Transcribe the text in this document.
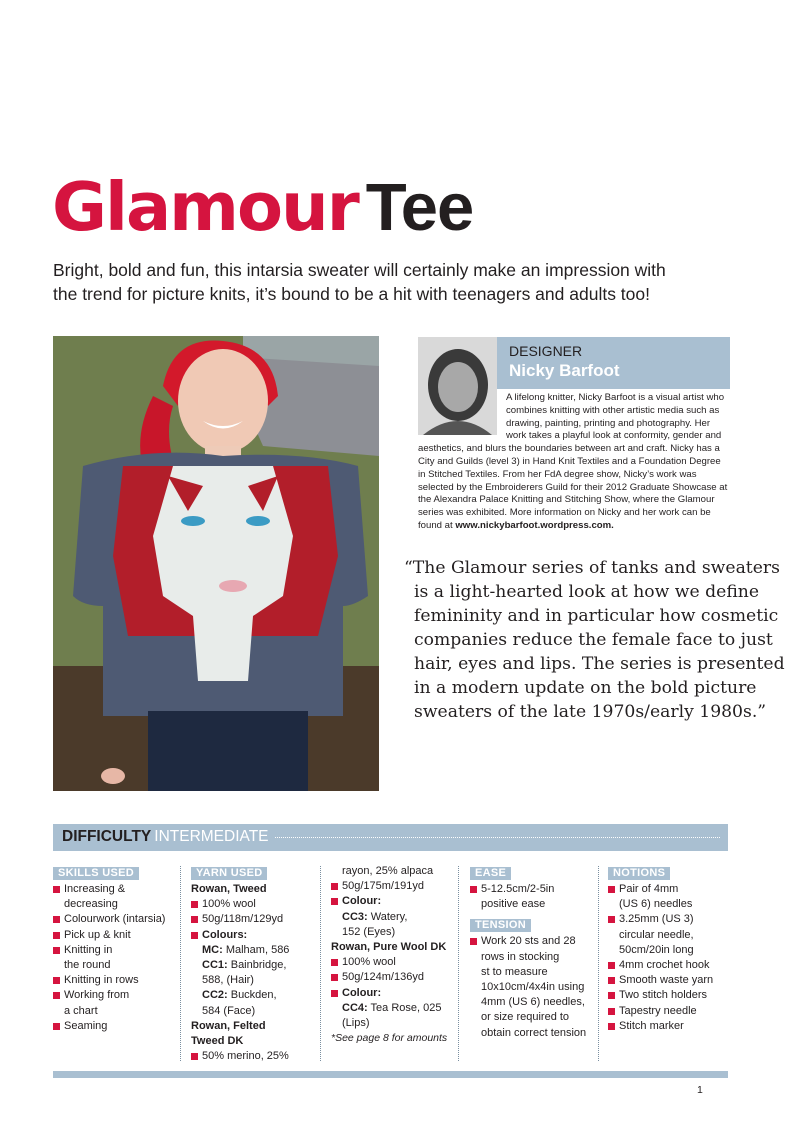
Glamour Tee

Bright, bold and fun, this intarsia sweater will certainly make an impression with the trend for picture knits, it’s bound to be a hit with teenagers and adults too!

DESIGNER
Nicky Barfoot
A lifelong knitter, Nicky Barfoot is a visual artist who combines knitting with other artistic media such as drawing, painting, printing and photography. Her work takes a playful look at conformity, gender and aesthetics, and blurs the boundaries between art and craft. Nicky has a City and Guilds (level 3) in Hand Knit Textiles and a Foundation Degree in Stitched Textiles. From her FdA degree show, Nicky’s work was selected by the Embroiderers Guild for their 2012 Graduate Showcase at the Alexandra Palace Knitting and Stitching Show, where the Glamour series was exhibited. More information on Nicky and her work can be found at www.nickybarfoot.wordpress.com.
“The Glamour series of tanks and sweaters
is a light-hearted look at how we define
femininity and in particular how cosmetic
companies reduce the female face to just
hair, eyes and lips. The series is presented
in a modern update on the bold picture
sweaters of the late 1970s/early 1980s.”
DIFFICULTY INTERMEDIATE
SKILLS USED
Increasing &
decreasing
Colourwork (intarsia)
Pick up & knit
Knitting in
the round
Knitting in rows
Working from
a chart
Seaming
YARN USED
Rowan, Tweed
100% wool
50g/118m/129yd
Colours:
MC: Malham, 586
CC1: Bainbridge,
588, (Hair)
CC2: Buckden,
584 (Face)
Rowan, Felted
Tweed DK
50% merino, 25%
rayon, 25% alpaca
50g/175m/191yd
Colour:
CC3: Watery,
152 (Eyes)
Rowan, Pure Wool DK
100% wool
50g/124m/136yd
Colour:
CC4: Tea Rose, 025
(Lips)
*See page 8 for amounts
EASE
5-12.5cm/2-5in
positive ease
TENSION
Work 20 sts and 28
rows in stocking
st to measure
10x10cm/4x4in using
4mm (US 6) needles,
or size required to
obtain correct tension
NOTIONS
Pair of 4mm
(US 6) needles
3.25mm (US 3)
circular needle,
50cm/20in long
4mm crochet hook
Smooth waste yarn
Two stitch holders
Tapestry needle
Stitch marker
1
